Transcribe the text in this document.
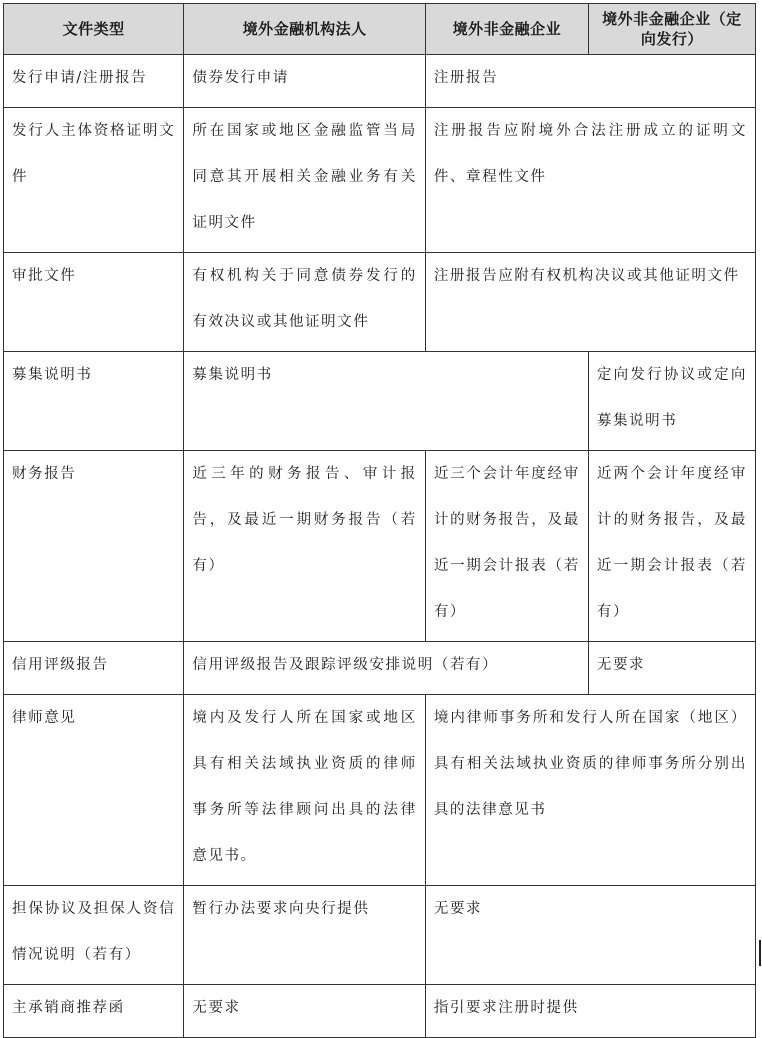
文件类型	境外金融机构法人	境外非金融企业	境外非金融企业（定向发行）
发行申请/注册报告	债券发行申请	注册报告	
发行人主体资格证明文件	所在国家或地区金融监管当局同意其开展相关金融业务有关证明文件	注册报告应附境外合法注册成立的证明文件、章程性文件	
审批文件	有权机构关于同意债券发行的有效决议或其他证明文件	注册报告应附有权机构决议或其他证明文件	
募集说明书	募集说明书		定向发行协议或定向募集说明书
财务报告	近三年的财务报告、审计报告，及最近一期财务报告（若有）	近三个会计年度经审计的财务报告，及最近一期会计报表（若有）	近两个会计年度经审计的财务报告，及最近一期会计报表（若有）
信用评级报告	信用评级报告及跟踪评级安排说明（若有）		无要求
律师意见	境内及发行人所在国家或地区具有相关法域执业资质的律师事务所等法律顾问出具的法律意见书。	境内律师事务所和发行人所在国家（地区）具有相关法域执业资质的律师事务所分别出具的法律意见书	
担保协议及担保人资信情况说明（若有）	暂行办法要求向央行提供	无要求	
主承销商推荐函	无要求	指引要求注册时提供	
